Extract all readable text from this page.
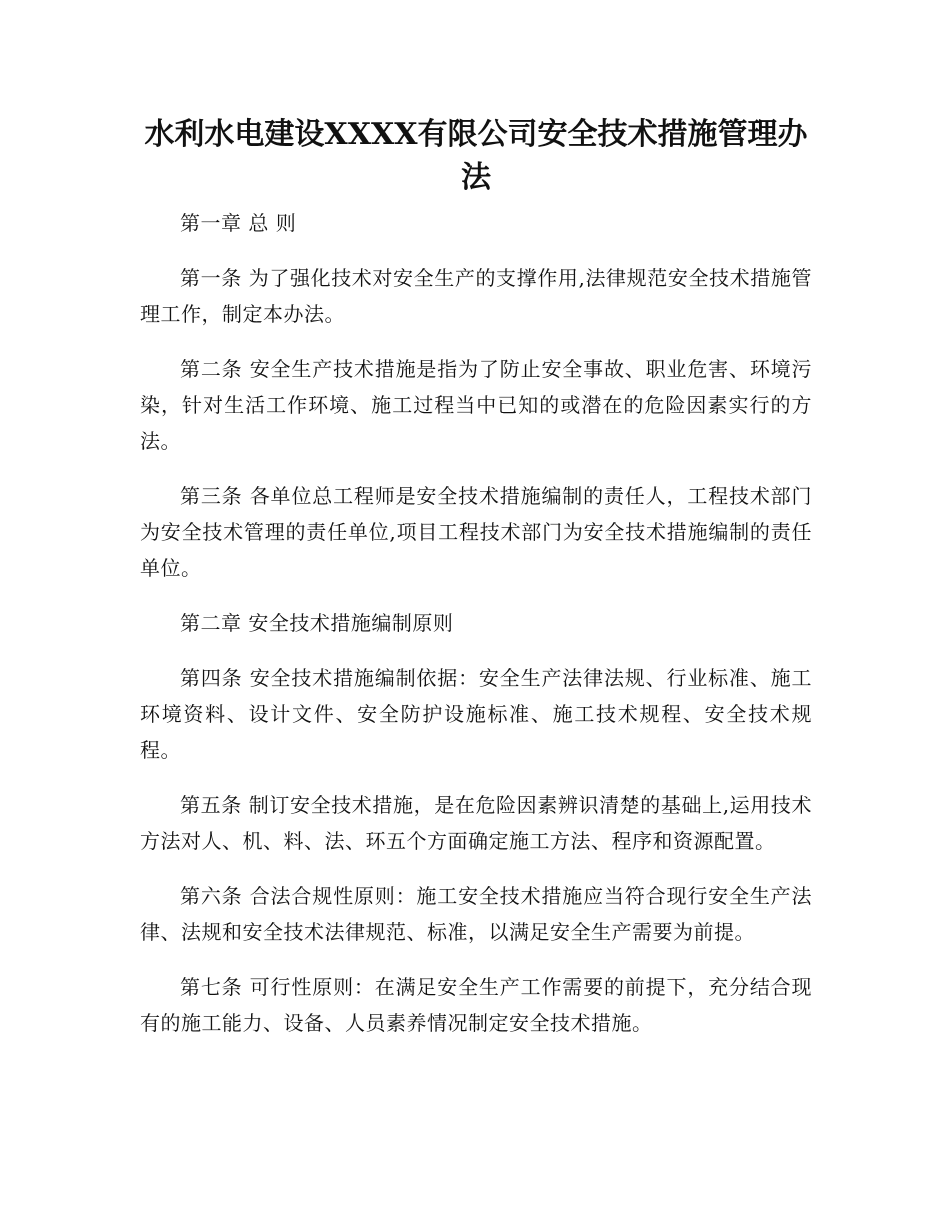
水利水电建设XXXX有限公司安全技术措施管理办法

第一章 总 则

第一条 为了强化技术对安全生产的支撑作用,法律规范安全技术措施管理工作，制定本办法。

第二条 安全生产技术措施是指为了防止安全事故、职业危害、环境污染，针对生活工作环境、施工过程当中已知的或潜在的危险因素实行的方法。

第三条 各单位总工程师是安全技术措施编制的责任人，工程技术部门为安全技术管理的责任单位,项目工程技术部门为安全技术措施编制的责任单位。

第二章 安全技术措施编制原则

第四条 安全技术措施编制依据：安全生产法律法规、行业标准、施工环境资料、设计文件、安全防护设施标准、施工技术规程、安全技术规程。

第五条 制订安全技术措施，是在危险因素辨识清楚的基础上,运用技术方法对人、机、料、法、环五个方面确定施工方法、程序和资源配置。

第六条 合法合规性原则：施工安全技术措施应当符合现行安全生产法律、法规和安全技术法律规范、标准，以满足安全生产需要为前提。

第七条 可行性原则：在满足安全生产工作需要的前提下，充分结合现有的施工能力、设备、人员素养情况制定安全技术措施。
